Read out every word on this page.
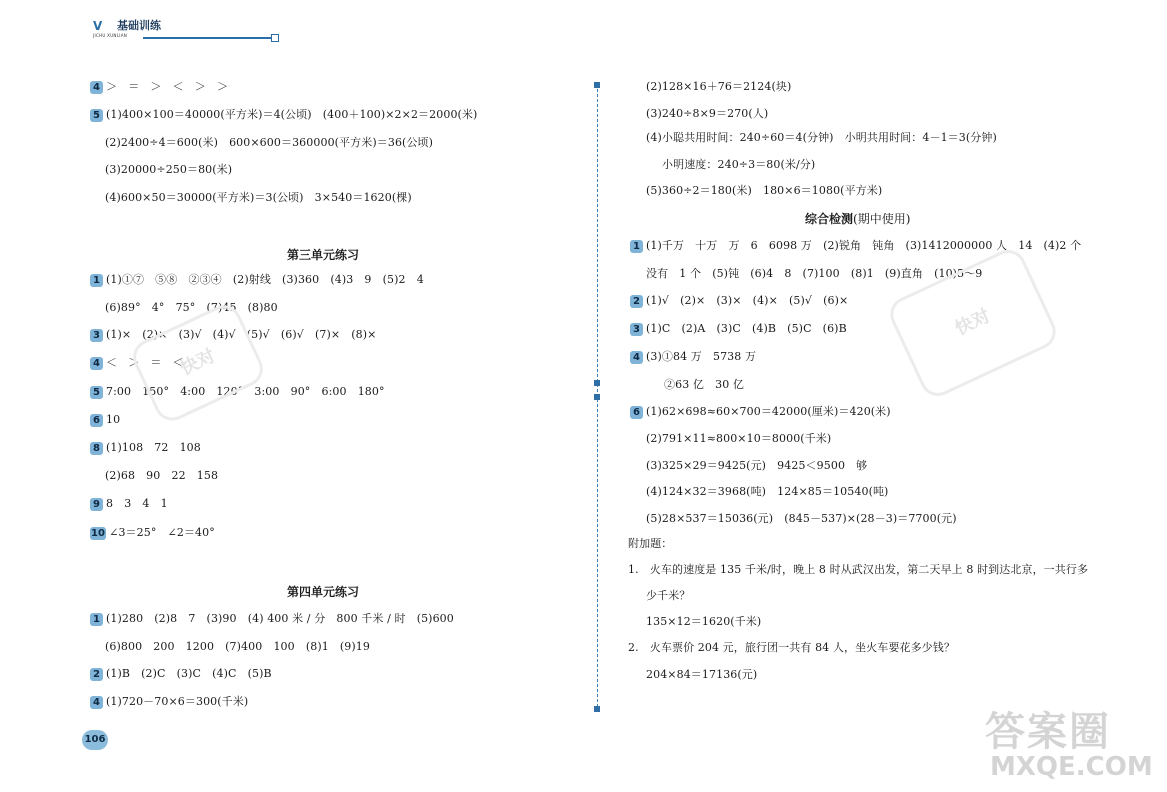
ⴸ	基础训练
JICHU XUNLIAN
4 ＞　＝　＞　＜　＞　＞
5 (1)400×100＝40000(平方米)＝4(公顷)　(400＋100)×2×2＝2000(米)
(2)2400÷4＝600(米)　600×600＝360000(平方米)＝36(公顷)
(3)20000÷250＝80(米)
(4)600×50＝30000(平方米)＝3(公顷)　3×540＝1620(棵)
第三单元练习
1 (1)①⑦　⑤⑧　②③④　(2)射线　(3)360　(4)3　9　(5)2　4
(6)89°　4°　75°　(7)45　(8)80
3 (1)×　(2)×　(3)√　(4)√　(5)√　(6)√　(7)×　(8)×
4 ＜　＞　＝　＜
5 7:00　150°　4:00　120°　3:00　90°　6:00　180°
6 10
8 (1)108　72　108
(2)68　90　22　158
9 8　3　4　1
10 ∠3＝25°　∠2＝40°
第四单元练习
1 (1)280　(2)8　7　(3)90　(4) 400 米 / 分　800 千米 / 时　(5)600
(6)800　200　1200　(7)400　100　(8)1　(9)19
2 (1)B　(2)C　(3)C　(4)C　(5)B
4 (1)720－70×6＝300(千米)
(2)128×16＋76＝2124(块)
(3)240÷8×9＝270(人)
(4)小聪共用时间：240÷60＝4(分钟)　小明共用时间：4－1＝3(分钟)
小明速度：240÷3＝80(米/分)
(5)360÷2＝180(米)　180×6＝1080(平方米)
综合检测(期中使用)
1 (1)千万　十万　万　6　6098 万　(2)锐角　钝角　(3)1412000000 人　14　(4)2 个
没有　1 个　(5)钝　(6)4　8　(7)100　(8)1　(9)直角　(10)5～9
2 (1)√　(2)×　(3)×　(4)×　(5)√　(6)×
3 (1)C　(2)A　(3)C　(4)B　(5)C　(6)B
4 (3)①84 万　5738 万
②63 亿　30 亿
6 (1)62×698≈60×700＝42000(厘米)＝420(米)
(2)791×11≈800×10＝8000(千米)
(3)325×29＝9425(元)　9425＜9500　够
(4)124×32＝3968(吨)　124×85＝10540(吨)
(5)28×537＝15036(元)　(845－537)×(28－3)＝7700(元)
附加题：
1.　火车的速度是 135 千米/时，晚上 8 时从武汉出发，第二天早上 8 时到达北京，一共行多
少千米？
135×12＝1620(千米)
2.　火车票价 204 元，旅行团一共有 84 人，坐火车要花多少钱？
204×84＝17136(元)
106
快对
快对
答案圈
MXQE.COM
